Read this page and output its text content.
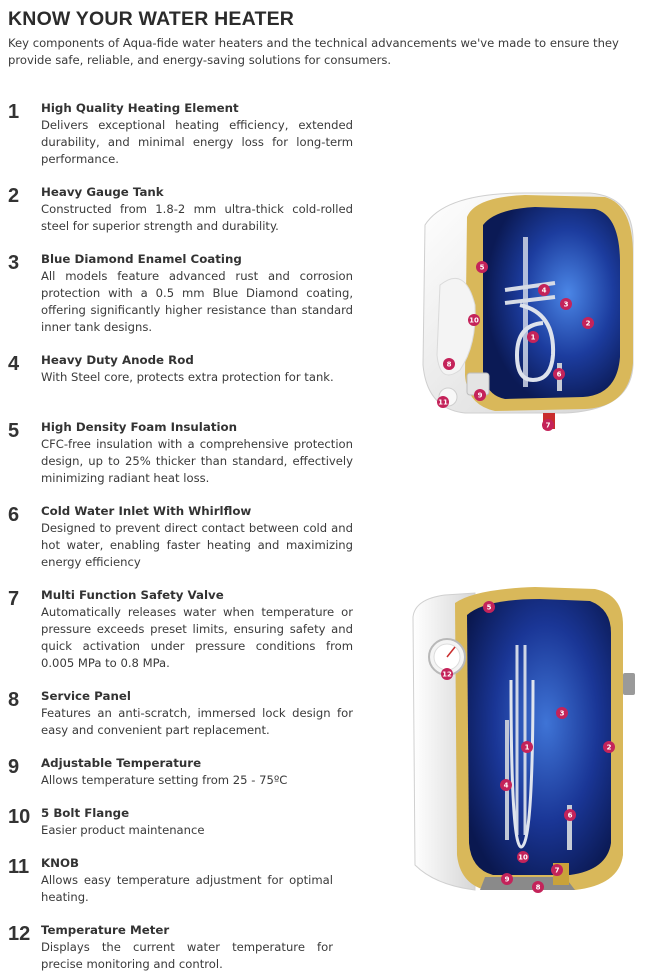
KNOW YOUR WATER HEATER

Key components of Aqua-fide water heaters and the technical advancements we've made to ensure they provide safe, reliable, and energy-saving solutions for consumers.

1 High Quality Heating Element

Delivers exceptional heating efficiency, extended durability, and minimal energy loss for long-term performance.

2 Heavy Gauge Tank

Constructed from 1.8-2 mm ultra-thick cold-rolled steel for superior strength and durability.

3 Blue Diamond Enamel Coating

All models feature advanced rust and corrosion protection with a 0.5 mm Blue Diamond coating, offering significantly higher resistance than standard inner tank designs.

4 Heavy Duty Anode Rod

With Steel core, protects extra protection for tank.

5 High Density Foam Insulation

CFC-free insulation with a comprehensive protection design, up to 25% thicker than standard, effectively minimizing radiant heat loss.

6 Cold Water Inlet With Whirlflow

Designed to prevent direct contact between cold and hot water, enabling faster heating and maximizing energy efficiency

7 Multi Function Safety Valve

Automatically releases water when temperature or pressure exceeds preset limits, ensuring safety and quick activation under pressure conditions from 0.005 MPa to 0.8 MPa.

8 Service Panel

Features an anti-scratch, immersed lock design for easy and convenient part replacement.

9 Adjustable Temperature

Allows temperature setting from 25 - 75ºC

10 5 Bolt Flange

Easier product maintenance

11 KNOB

Allows easy temperature adjustment for optimal heating.

12 Temperature Meter

Displays the current water temperature for precise monitoring and control.

1
2
3
4
5
6
7
8
9
10
11
1	2
3
4
5
6
7
8
9
10
12
